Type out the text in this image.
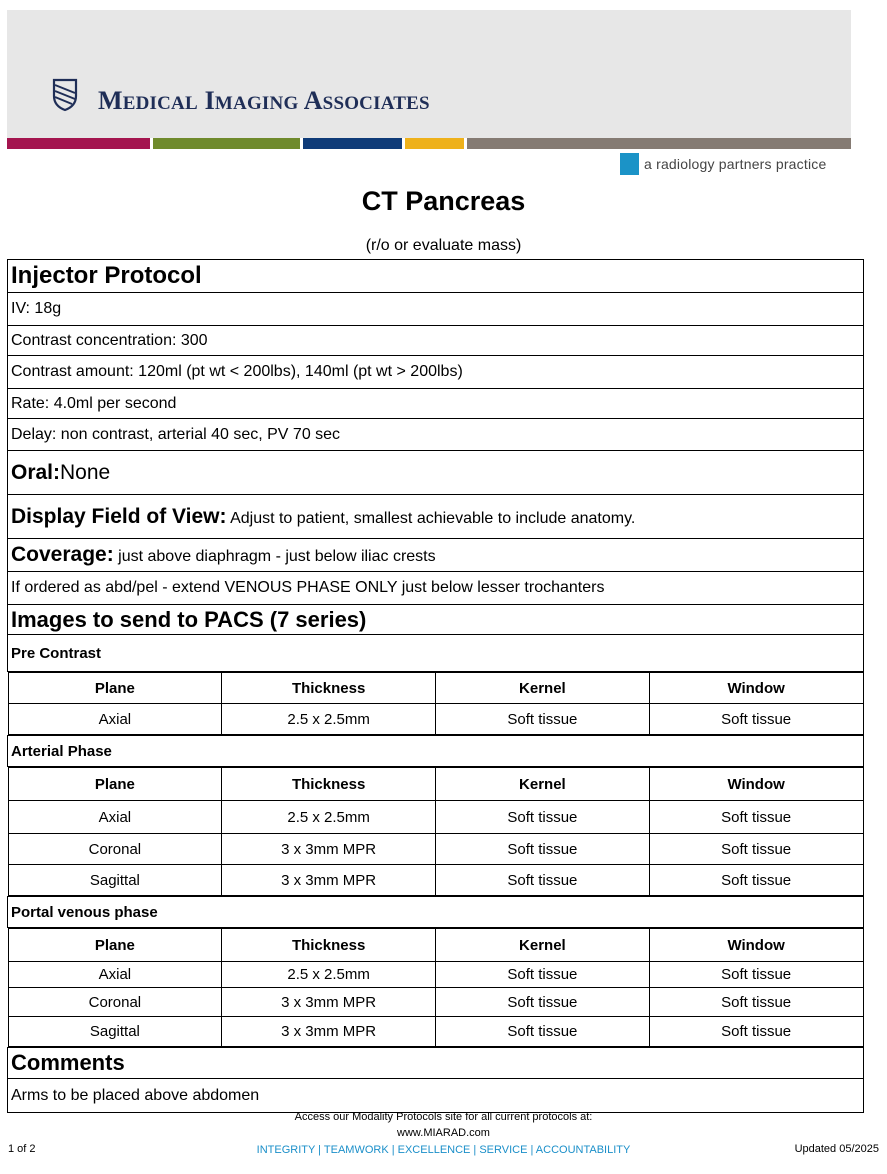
MEDICAL IMAGING ASSOCIATES
a radiology partners practice
CT Pancreas
(r/o or evaluate mass)
Injector Protocol
IV: 18g
Contrast concentration: 300
Contrast amount: 120ml (pt wt < 200lbs), 140ml (pt wt > 200lbs)
Rate: 4.0ml per second
Delay: non contrast, arterial 40 sec, PV 70 sec
Oral:None
Display Field of View: Adjust to patient, smallest achievable to include anatomy.
Coverage: just above diaphragm - just below iliac crests
If ordered as abd/pel - extend VENOUS PHASE ONLY just below lesser trochanters
Images to send to PACS (7 series)
Pre Contrast

Plane	Thickness	Kernel	Window
Axial	2.5 x 2.5mm	Soft tissue	Soft tissue

Arterial Phase

Plane	Thickness	Kernel	Window
Axial	2.5 x 2.5mm	Soft tissue	Soft tissue
Coronal	3 x 3mm MPR	Soft tissue	Soft tissue
Sagittal	3 x 3mm MPR	Soft tissue	Soft tissue

Portal venous phase

Plane	Thickness	Kernel	Window
Axial	2.5 x 2.5mm	Soft tissue	Soft tissue
Coronal	3 x 3mm MPR	Soft tissue	Soft tissue
Sagittal	3 x 3mm MPR	Soft tissue	Soft tissue

Comments
Arms to be placed above abdomen
Access our Modality Protocols site for all current protocols at:
www.MIARAD.com
INTEGRITY | TEAMWORK | EXCELLENCE | SERVICE | ACCOUNTABILITY
1 of 2	Updated 05/2025
